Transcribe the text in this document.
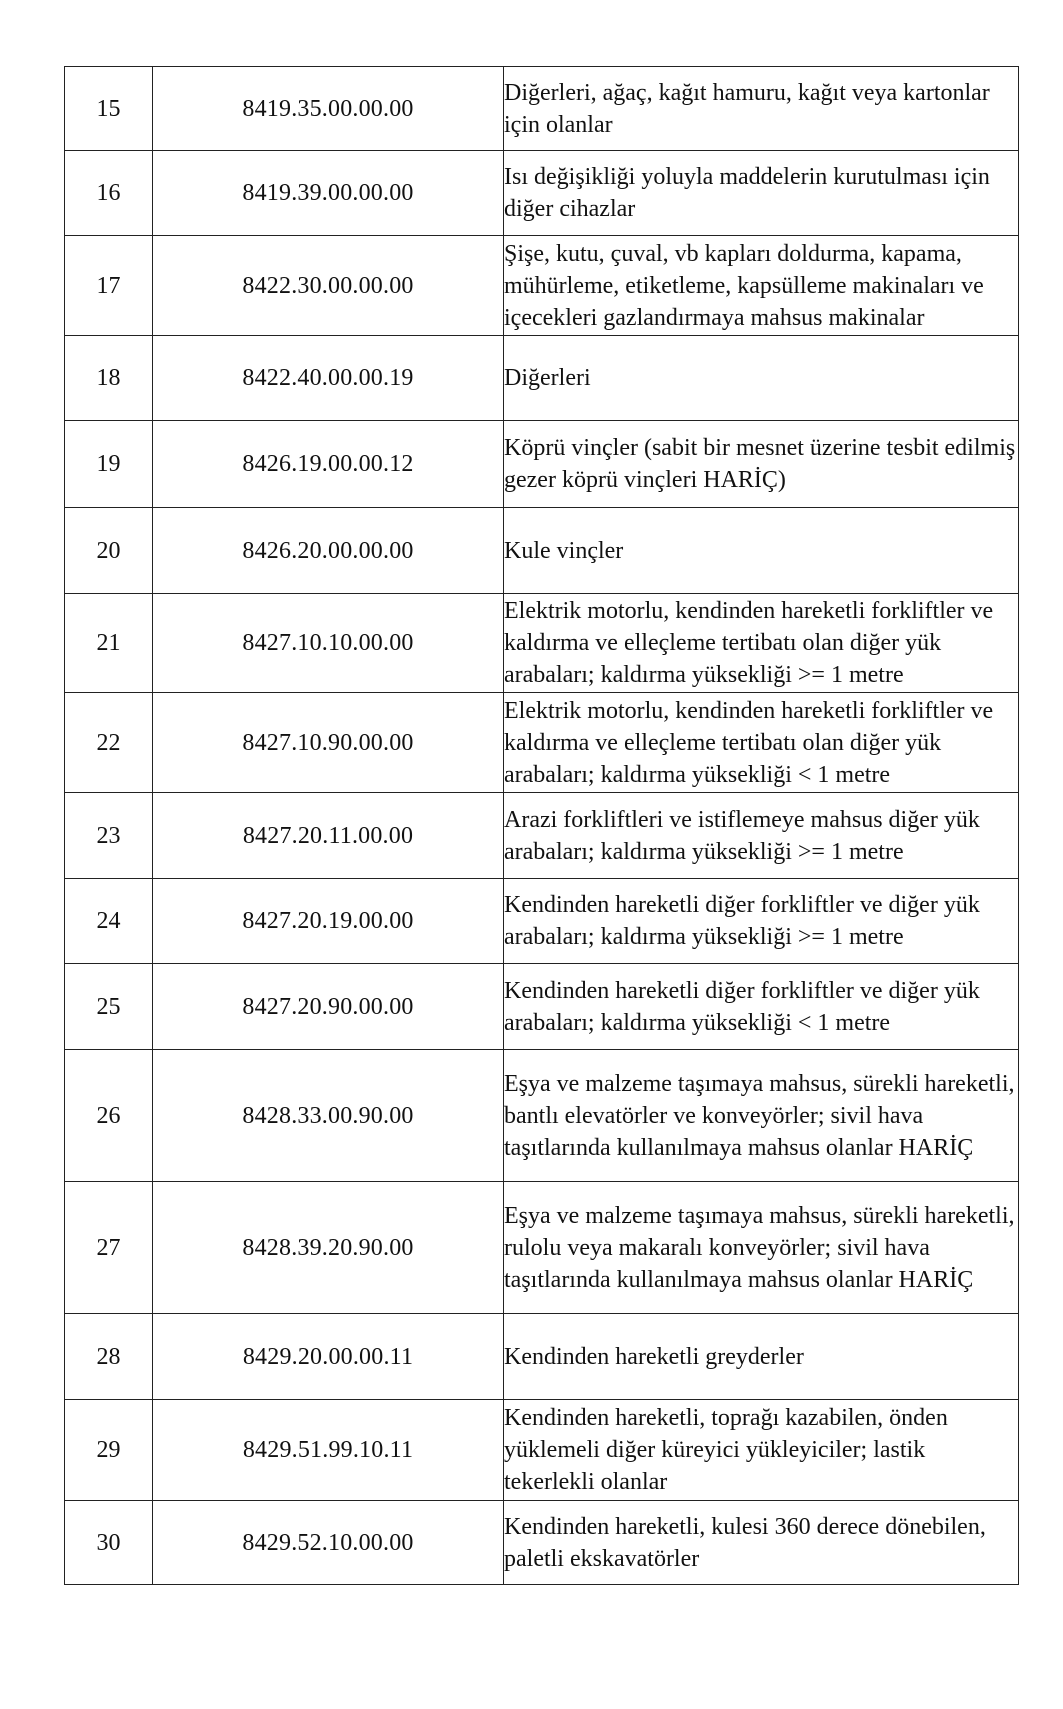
15	8419.35.00.00.00	Diğerleri, ağaç, kağıt hamuru, kağıt veya kartonlar için olanlar
16	8419.39.00.00.00	Isı değişikliği yoluyla maddelerin kurutulması için diğer cihazlar
17	8422.30.00.00.00	Şişe, kutu, çuval, vb kapları doldurma, kapama, mühürleme, etiketleme, kapsülleme makinaları ve içecekleri gazlandırmaya mahsus makinalar
18	8422.40.00.00.19	Diğerleri
19	8426.19.00.00.12	Köprü vinçler (sabit bir mesnet üzerine tesbit edilmiş gezer köprü vinçleri HARİÇ)
20	8426.20.00.00.00	Kule vinçler
21	8427.10.10.00.00	Elektrik motorlu, kendinden hareketli forkliftler ve kaldırma ve elleçleme tertibatı olan diğer yük arabaları; kaldırma yüksekliği >= 1 metre
22	8427.10.90.00.00	Elektrik motorlu, kendinden hareketli forkliftler ve kaldırma ve elleçleme tertibatı olan diğer yük arabaları; kaldırma yüksekliği < 1 metre
23	8427.20.11.00.00	Arazi forkliftleri ve istiflemeye mahsus diğer yük arabaları; kaldırma yüksekliği >= 1 metre
24	8427.20.19.00.00	Kendinden hareketli diğer forkliftler ve diğer yük arabaları; kaldırma yüksekliği >= 1 metre
25	8427.20.90.00.00	Kendinden hareketli diğer forkliftler ve diğer yük arabaları; kaldırma yüksekliği < 1 metre
26	8428.33.00.90.00	Eşya ve malzeme taşımaya mahsus, sürekli hareketli, bantlı elevatörler ve konveyörler; sivil hava taşıtlarında kullanılmaya mahsus olanlar HARİÇ
27	8428.39.20.90.00	Eşya ve malzeme taşımaya mahsus, sürekli hareketli, rulolu veya makaralı konveyörler; sivil hava taşıtlarında kullanılmaya mahsus olanlar HARİÇ
28	8429.20.00.00.11	Kendinden hareketli greyderler
29	8429.51.99.10.11	Kendinden hareketli, toprağı kazabilen, önden yüklemeli diğer küreyici yükleyiciler; lastik tekerlekli olanlar
30	8429.52.10.00.00	Kendinden hareketli, kulesi 360 derece dönebilen, paletli ekskavatörler
